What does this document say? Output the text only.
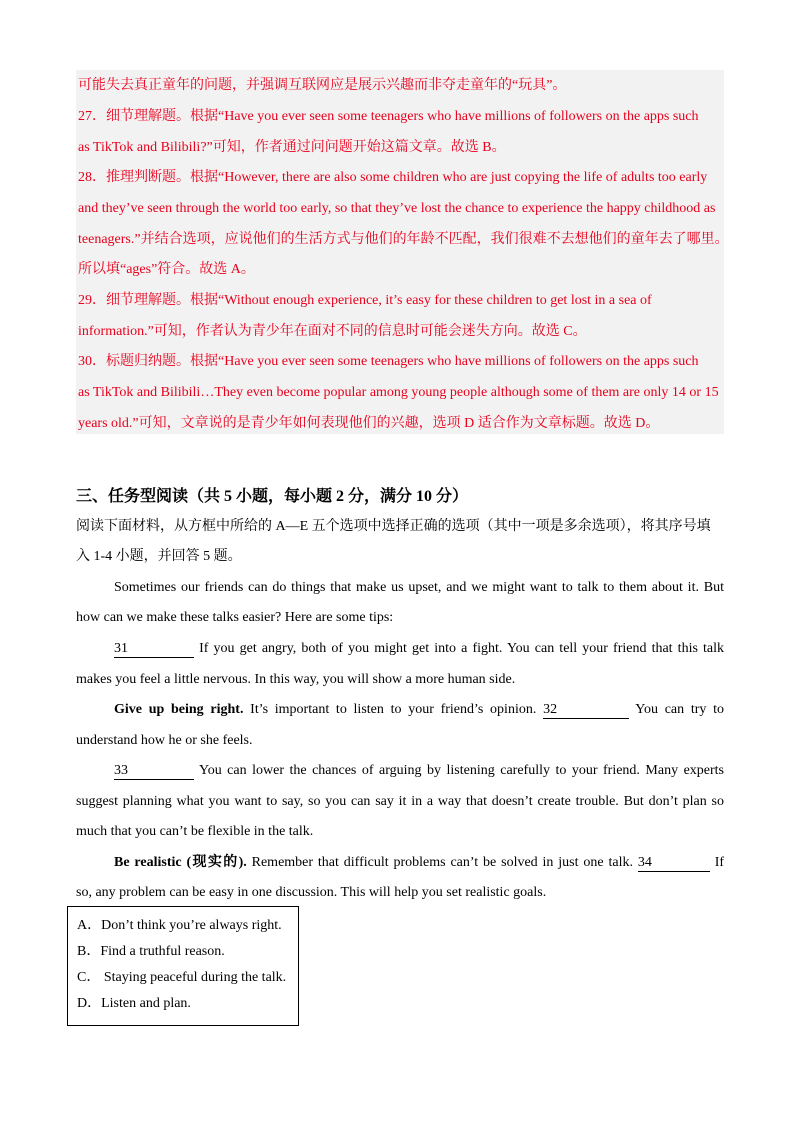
可能失去真正童年的问题，并强调互联网应是展示兴趣而非夺走童年的“玩具”。
27．细节理解题。根据“Have you ever seen some teenagers who have millions of followers on the apps such
as TikTok and Bilibili?”可知，作者通过问问题开始这篇文章。故选 B。
28．推理判断题。根据“However, there are also some children who are just copying the life of adults too early
and they’ve seen through the world too early, so that they’ve lost the chance to experience the happy childhood as
teenagers.”并结合选项，应说他们的生活方式与他们的年龄不匹配，我们很难不去想他们的童年去了哪里。
所以填“ages”符合。故选 A。
29．细节理解题。根据“Without enough experience, it’s easy for these children to get lost in a sea of
information.”可知，作者认为青少年在面对不同的信息时可能会迷失方向。故选 C。
30．标题归纳题。根据“Have you ever seen some teenagers who have millions of followers on the apps such
as TikTok and Bilibili…They even become popular among young people although some of them are only 14 or 15
years old.”可知，文章说的是青少年如何表现他们的兴趣，选项 D 适合作为文章标题。故选 D。
三、任务型阅读（共 5 小题，每小题 2 分，满分 10 分）
阅读下面材料，从方框中所给的 A—E 五个选项中选择正确的选项（其中一项是多余选项），将其序号填
入 1-4 小题，并回答 5 题。
Sometimes our friends can do things that make us upset, and we might want to talk to them about it. But
how can we make these talks easier? Here are some tips:
31	If you get angry, both of you might get into a fight. You can tell your friend that this talk
makes you feel a little nervous. In this way, you will show a more human side.
Give up being right. It’s important to listen to your friend’s opinion. 32	You can try to
understand how he or she feels.
33	You can lower the chances of arguing by listening carefully to your friend. Many experts
suggest planning what you want to say, so you can say it in a way that doesn’t create trouble. But don’t plan so
much that you can’t be flexible in the talk.
Be realistic (现实的). Remember that difficult problems can’t be solved in just one talk. 34	If
so, any problem can be easy in one discussion. This will help you set realistic goals.
A．Don’t think you’re always right.
B．Find a truthful reason.
C． Staying peaceful during the talk.
D．Listen and plan.
